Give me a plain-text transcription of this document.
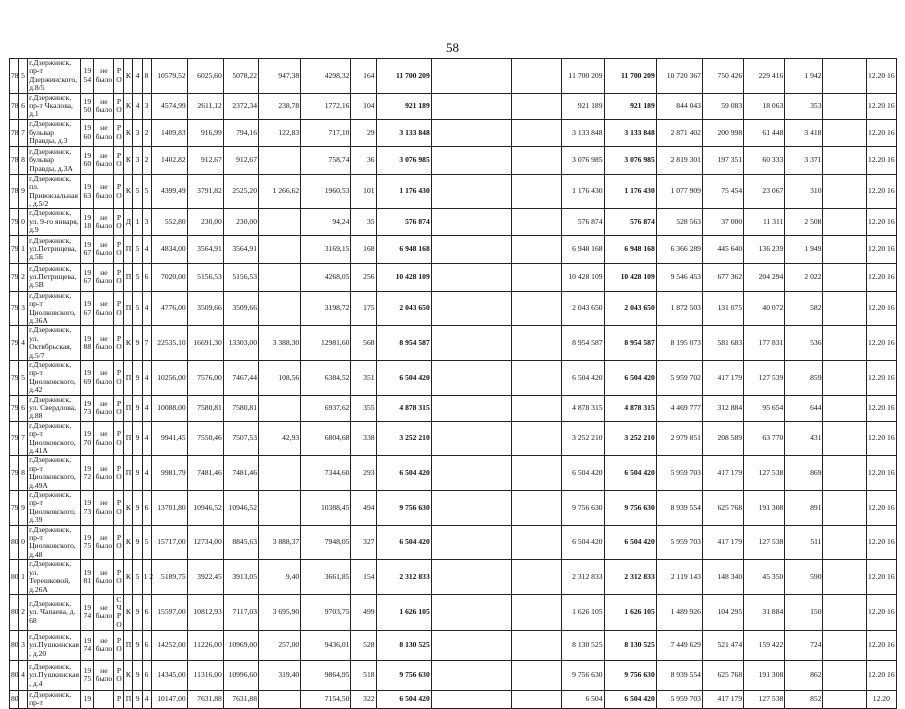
58
78	5	г.Дзержинск, пр-т Дзержинского, д.8/5	19 54	не было	Р О	К	4	8	10579,52	6025,60	5078,22	947,38	4298,32	164	11 700 209			11 700 209	11 700 209	10 720 367	750 426	229 416	1 942		12.20 16
78	6	г.Дзержинск, пр-т Чкалова, д.1	19 50	не было	Р О	К	4	3	4574,99	2611,12	2372,34	238,78	1772,16	104	921 189			921 189	921 189	844 043	59 083	18 063	353		12.20 16
78	7	г.Дзержинск, бульвар Правды, д.3	19 60	не было	Р О	К	3	2	1409,83	916,99	794,16	122,83	717,10	29	3 133 848			3 133 848	3 133 848	2 871 402	200 998	61 448	3 418		12.20 16
78	8	г.Дзержинск, бульвар Правды, д.3А	19 60	не было	Р О	К	3	2	1402,82	912,67	912,67		758,74	36	3 076 985			3 076 985	3 076 985	2 819 301	197 351	60 333	3 371		12.20 16
78	9	г.Дзержинск, пл. Привокзальная, д.5/2	19 63	не было	Р О	К	5	5	4399,49	3791,82	2525,20	1 266,62	1960,53	101	1 176 430			1 176 430	1 176 430	1 077 909	75 454	23 067	310		12.20 16
79	0	г.Дзержинск, ул. 9-го января, д.9	19 18	не было	Р О	Д	1	3	552,80	230,00	230,00		94,24	35	576 874			576 874	576 874	528 563	37 000	11 311	2 508		12.20 16
79	1	г.Дзержинск, ул.Петрищева, д.5Б	19 67	не было	Р О	П	5	4	4834,00	3564,91	3564,91		3169,15	168	6 948 168			6 948 168	6 948 168	6 366 289	445 640	136 239	1 949		12.20 16
79	2	г.Дзержинск, ул.Петрищева, д.5В	19 67	не было	Р О	П	5	6	7020,00	5156,53	5156,53		4268,05	256	10 428 109			10 428 109	10 428 109	9 546 453	677 362	204 294	2 022		12.20 16
79	3	г.Дзержинск, пр-т Циолковского, д.36А	19 67	не было	Р О	П	5	4	4776,00	3509,66	3509,66		3198,72	175	2 043 650			2 043 650	2 043 650	1 872 503	131 075	40 072	582		12.20 16
79	4	г.Дзержинск, ул. Октябрьская, д.5/7	19 88	не было	Р О	К	9	7	22535,10	16691,30	13303,00	3 388,30	12981,60	568	8 954 587			8 954 587	8 954 587	8 195 073	581 683	177 831	536		12.20 16
79	5	г.Дзержинск, пр-т Циолковского, д.42	19 69	не было	Р О	П	9	4	10256,00	7576,00	7467,44	108,56	6384,52	351	6 504 420			6 504 420	6 504 420	5 959 702	417 179	127 539	859		12.20 16
79	6	г.Дзержинск, ул. Свердлова, д.88	19 73	не было	Р О	П	9	4	10088,00	7580,81	7580,81		6937,62	355	4 878 315			4 878 315	4 878 315	4 469 777	312 884	95 654	644		12.20 16
79	7	г.Дзержинск, пр-т Циолковского, д.41А	19 70	не было	Р О	П	9	4	9941,45	7550,46	7507,53	42,93	6804,68	338	3 252 210			3 252 210	3 252 210	2 979 851	208 589	63 770	431		12.20 16
79	8	г.Дзержинск, пр-т Циолковского, д.49А	19 72	не было	Р О	П	9	4	9981,79	7481,46	7481,46		7344,60	293	6 504 420			6 504 420	6 504 420	5 959 703	417 179	127 538	869		12.20 16
79	9	г.Дзержинск, пр-т Циолковского, д.39	19 73	не было	Р О	К	9	6	13701,80	10946,52	10946,52		10388,45	494	9 756 630			9 756 630	9 756 630	8 939 554	625 768	191 308	891		12.20 16
80	0	г.Дзержинск, пр-т Циолковского, д.48	19 75	не было	Р О	К	9	5	15717,00	12734,00	8845,63	3 888,37	7948,05	327	6 504 420			6 504 420	6 504 420	5 959 703	417 179	127 538	511		12.20 16
80	1	г.Дзержинск, ул. Терешковой, д.26А	19 81	не было	Р О	К	5	1 2	5189,75	3922,45	3913,05	9,40	3661,85	154	2 312 833			2 312 833	2 312 833	2 119 143	148 340	45 350	590		12.20 16
80	2	г.Дзержинск, ул. Чапаева, д. 68	19 74	не было	С Ч Р О	К	9	6	15597,00	10812,93	7117,03	3 695,90	9703,75	499	1 626 105			1 626 105	1 626 105	1 489 926	104 295	31 884	150		12.20 16
80	3	г.Дзержинск, ул.Пушкинская, д.20	19 74	не было	Р О	П	9	6	14252,00	11226,00	10969,00	257,00	9436,01	528	8 130 525			8 130 525	8 130 525	7 449 629	521 474	159 422	724		12.20 16
80	4	г.Дзержинск, ул.Пушкинская, д.4	19 75	не было	Р О	К	9	6	14345,00	11316,00	10996,60	319,40	9864,95	518	9 756 630			9 756 630	9 756 630	8 939 554	625 768	191 308	862		12.20 16
80		г.Дзержинск, пр-т	19		Р	П	9	4	10147,00	7631,88	7631,88		7154,50	322	6 504 420			6 504	6 504 420	5 959 703	417 179	127 538	852		12.20
